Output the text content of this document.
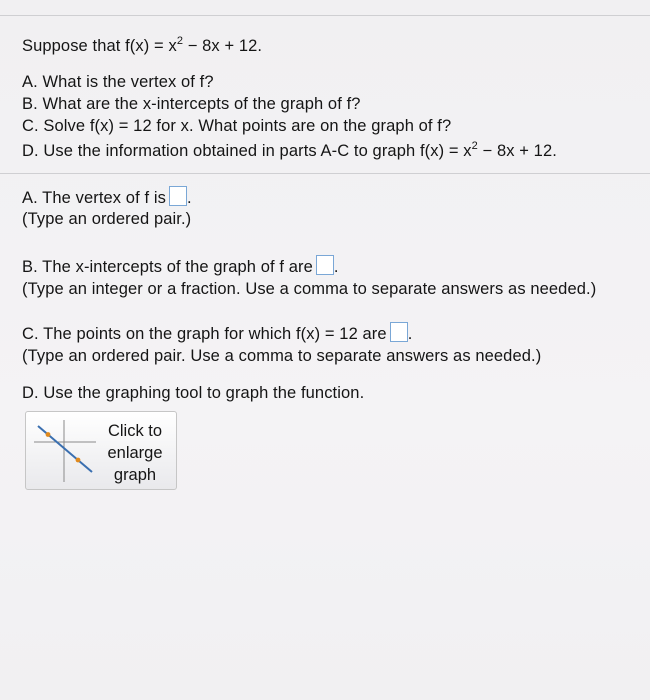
Suppose that $f(x) = x^2 - 8x + 12$.
A. What is the vertex of f?
B. What are the x-intercepts of the graph of f?
C. Solve f(x) = 12 for x. What points are on the graph of f?
D. Use the information obtained in parts A-C to graph $f(x) = x^2 - 8x + 12$.
A. The vertex of f is .
(Type an ordered pair.)
B. The x-intercepts of the graph of f are .
(Type an integer or a fraction. Use a comma to separate answers as needed.)
C. The points on the graph for which f(x) = 12 are .
(Type an ordered pair. Use a comma to separate answers as needed.)
D. Use the graphing tool to graph the function.
Click to
enlarge
graph
